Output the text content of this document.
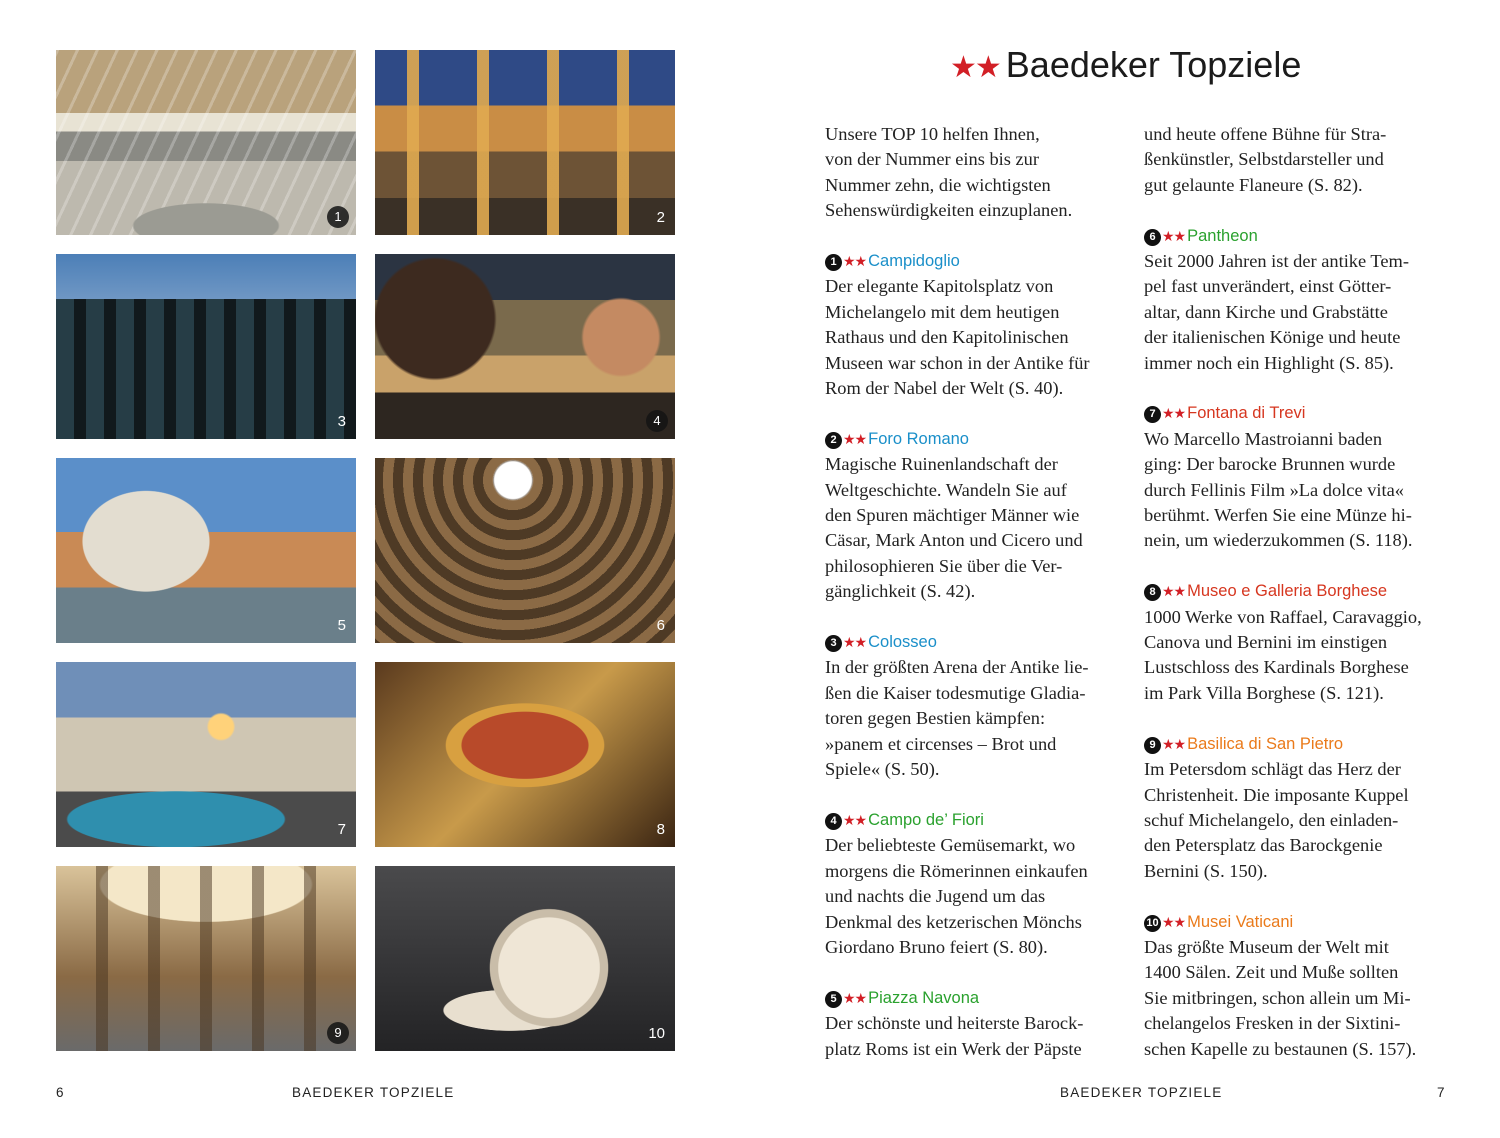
1	2
3	4
5	6
7	8
9	10
★★ Baedeker Topziele

Unsere TOP 10 helfen Ihnen,
von der Nummer eins bis zur
Nummer zehn, die wichtigsten
Sehenswürdigkeiten einzuplanen.

1 ★★ Campidoglio

Der elegante Kapitolsplatz von
Michelangelo mit dem heutigen
Rathaus und den Kapitolinischen
Museen war schon in der Antike für
Rom der Nabel der Welt (S. 40).

2 ★★ Foro Romano

Magische Ruinenlandschaft der
Weltgeschichte. Wandeln Sie auf
den Spuren mächtiger Männer wie
Cäsar, Mark Anton und Cicero und
philosophieren Sie über die Ver-
gänglichkeit (S. 42).

3 ★★ Colosseo

In der größten Arena der Antike lie-
ßen die Kaiser todesmutige Gladia-
toren gegen Bestien kämpfen:
»panem et circenses – Brot und
Spiele« (S. 50).

4 ★★ Campo de’ Fiori

Der beliebteste Gemüsemarkt, wo
morgens die Römerinnen einkaufen
und nachts die Jugend um das
Denkmal des ketzerischen Mönchs
Giordano Bruno feiert (S. 80).

5 ★★ Piazza Navona

Der schönste und heiterste Barock-
platz Roms ist ein Werk der Päpste

und heute offene Bühne für Stra-
ßenkünstler, Selbstdarsteller und
gut gelaunte Flaneure (S. 82).

6 ★★ Pantheon

Seit 2000 Jahren ist der antike Tem-
pel fast unverändert, einst Götter-
altar, dann Kirche und Grabstätte
der italienischen Könige und heute
immer noch ein Highlight (S. 85).

7 ★★ Fontana di Trevi

Wo Marcello Mastroianni baden
ging: Der barocke Brunnen wurde
durch Fellinis Film »La dolce vita«
berühmt. Werfen Sie eine Münze hi-
nein, um wiederzukommen (S. 118).

8 ★★ Museo e Galleria Borghese

1000 Werke von Raffael, Caravaggio,
Canova und Bernini im einstigen
Lustschloss des Kardinals Borghese
im Park Villa Borghese (S. 121).

9 ★★ Basilica di San Pietro

Im Petersdom schlägt das Herz der
Christenheit. Die imposante Kuppel
schuf Michelangelo, den einladen-
den Petersplatz das Barockgenie
Bernini (S. 150).

10 ★★ Musei Vaticani

Das größte Museum der Welt mit
1400 Sälen. Zeit und Muße sollten
Sie mitbringen, schon allein um Mi-
chelangelos Fresken in der Sixtini-
schen Kapelle zu bestaunen (S. 157).

6	BAEDEKER TOPZIELE	BAEDEKER TOPZIELE	7
